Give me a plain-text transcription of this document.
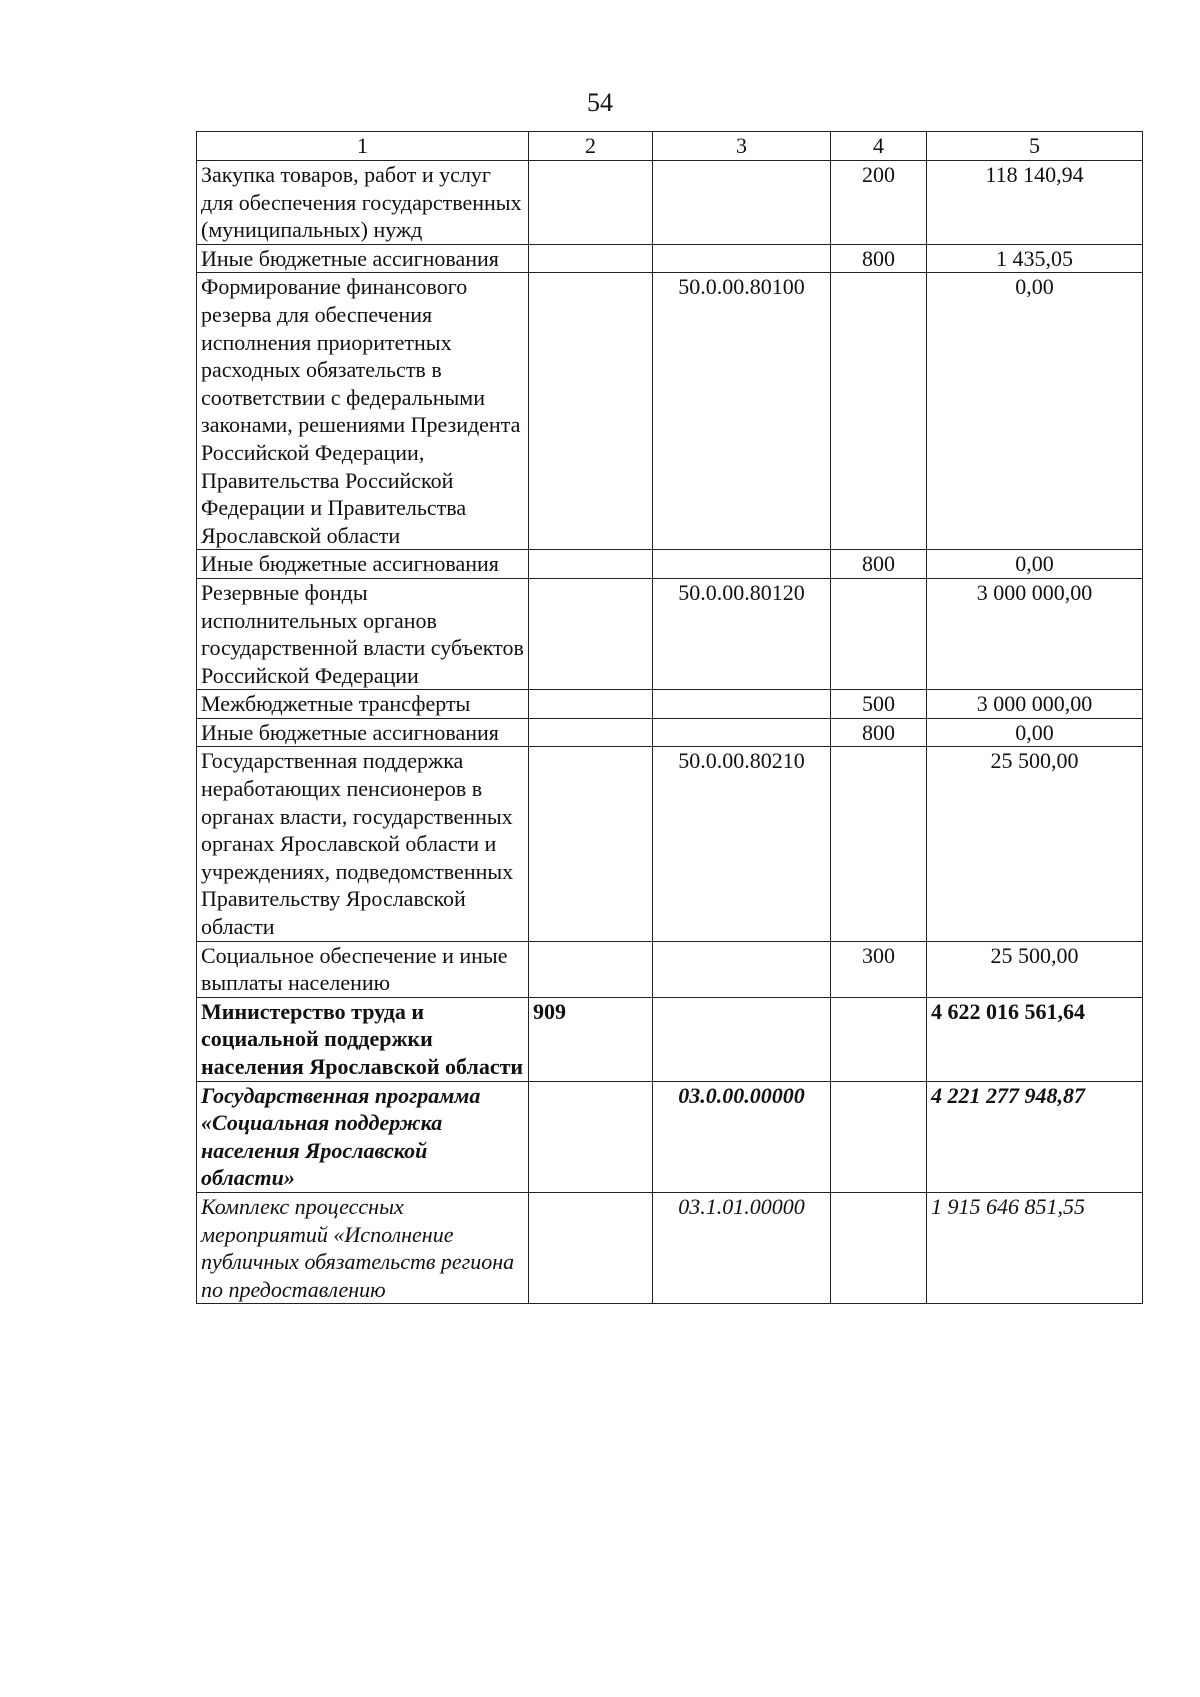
54
1	2	3	4	5
Закупка товаров, работ и услуг для обеспечения государственных (муниципальных) нужд			200	118 140,94
Иные бюджетные ассигнования			800	1 435,05
Формирование финансового резерва для обеспечения исполнения приоритетных расходных обязательств в соответствии с федеральными законами, решениями Президента Российской Федерации, Правительства Российской Федерации и Правительства Ярославской области		50.0.00.80100		0,00
Иные бюджетные ассигнования			800	0,00
Резервные фонды исполнительных органов государственной власти субъектов Российской Федерации		50.0.00.80120		3 000 000,00
Межбюджетные трансферты			500	3 000 000,00
Иные бюджетные ассигнования			800	0,00
Государственная поддержка неработающих пенсионеров в органах власти, государственных органах Ярославской области и учреждениях, подведомственных Правительству Ярославской области		50.0.00.80210		25 500,00
Социальное обеспечение и иные выплаты населению			300	25 500,00
Министерство труда и социальной поддержки населения Ярославской области	909			4 622 016 561,64
Государственная программа «Социальная поддержка населения Ярославской области»		03.0.00.00000		4 221 277 948,87
Комплекс процессных мероприятий «Исполнение публичных обязательств региона по предоставлению		03.1.01.00000		1 915 646 851,55
